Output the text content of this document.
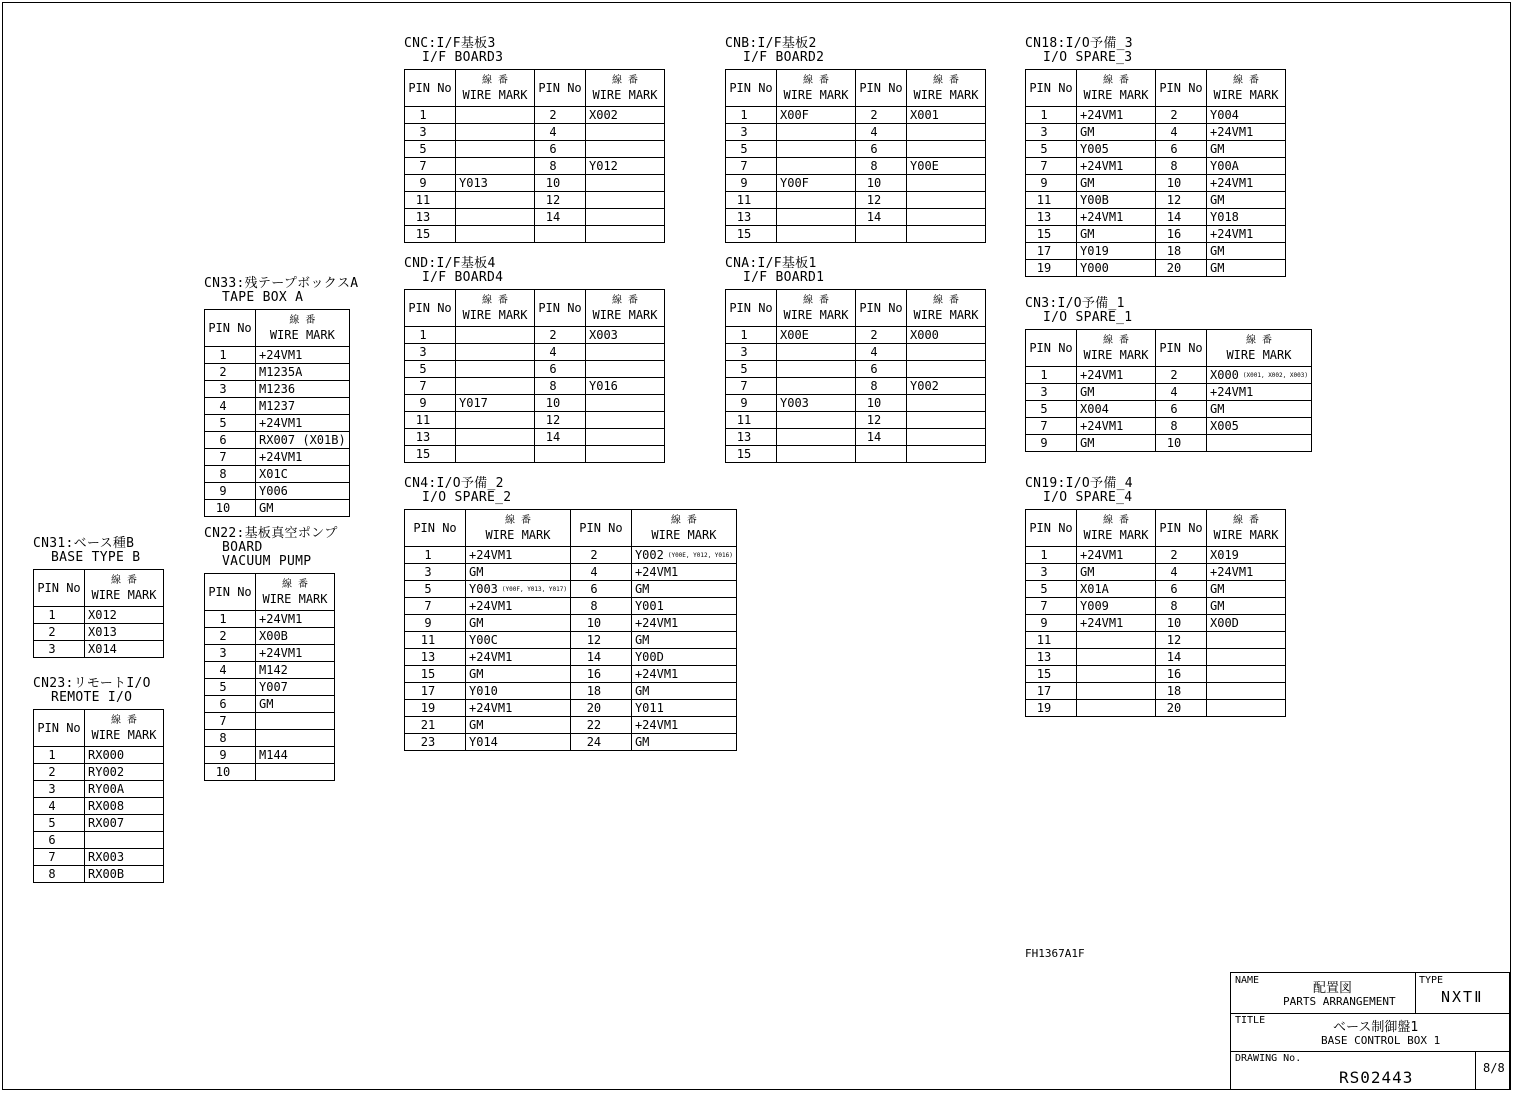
CNC:I/F基板3
I/F BOARD3
PIN No	線 番
WIRE MARK	PIN No	線 番
WIRE MARK
1		2	X002
3		4	
5		6	
7		8	Y012
9	Y013	10	
11		12	
13		14	
15			
CNB:I/F基板2
I/F BOARD2
PIN No	線 番
WIRE MARK	PIN No	線 番
WIRE MARK
1	X00F	2	X001
3		4	
5		6	
7		8	Y00E
9	Y00F	10	
11		12	
13		14	
15			
CN18:I/O予備_3
I/O SPARE_3
PIN No	線 番
WIRE MARK	PIN No	線 番
WIRE MARK
1	+24VM1	2	Y004
3	GM	4	+24VM1
5	Y005	6	GM
7	+24VM1	8	Y00A
9	GM	10	+24VM1
11	Y00B	12	GM
13	+24VM1	14	Y018
15	GM	16	+24VM1
17	Y019	18	GM
19	Y000	20	GM
CND:I/F基板4
I/F BOARD4
PIN No	線 番
WIRE MARK	PIN No	線 番
WIRE MARK
1		2	X003
3		4	
5		6	
7		8	Y016
9	Y017	10	
11		12	
13		14	
15			
CNA:I/F基板1
I/F BOARD1
PIN No	線 番
WIRE MARK	PIN No	線 番
WIRE MARK
1	X00E	2	X000
3		4	
5		6	
7		8	Y002
9	Y003	10	
11		12	
13		14	
15			
CN3:I/O予備_1
I/O SPARE_1
PIN No	線 番
WIRE MARK	PIN No	線 番
WIRE MARK
1	+24VM1	2	X000 $^{(X001, X002, X003)}$
3	GM	4	+24VM1
5	X004	6	GM
7	+24VM1	8	X005
9	GM	10	
CN33:残テープボックスA
TAPE BOX A
PIN No	線 番
WIRE MARK
1	+24VM1
2	M1235A
3	M1236
4	M1237
5	+24VM1
6	RX007 (X01B)
7	+24VM1
8	X01C
9	Y006
10	GM
CN4:I/O予備_2
I/O SPARE_2
PIN No	線 番
WIRE MARK	PIN No	線 番
WIRE MARK
1	+24VM1	2	Y002 $^{(Y00E, Y012, Y016)}$
3	GM	4	+24VM1
5	Y003 $^{(Y00F, Y013, Y017)}$	6	GM
7	+24VM1	8	Y001
9	GM	10	+24VM1
11	Y00C	12	GM
13	+24VM1	14	Y00D
15	GM	16	+24VM1
17	Y010	18	GM
19	+24VM1	20	Y011
21	GM	22	+24VM1
23	Y014	24	GM
CN19:I/O予備_4
I/O SPARE_4
PIN No	線 番
WIRE MARK	PIN No	線 番
WIRE MARK
1	+24VM1	2	X019
3	GM	4	+24VM1
5	X01A	6	GM
7	Y009	8	GM
9	+24VM1	10	X00D
11		12	
13		14	
15		16	
17		18	
19		20	
CN31:ベース種B
BASE TYPE B
PIN No	線 番
WIRE MARK
1	X012
2	X013
3	X014
CN22:基板真空ポンプ
BOARD
VACUUM PUMP
PIN No	線 番
WIRE MARK
1	+24VM1
2	X00B
3	+24VM1
4	M142
5	Y007
6	GM
7	
8	
9	M144
10	
CN23:リモートI/O
REMOTE I/O
PIN No	線 番
WIRE MARK
1	RX000
2	RY002
3	RY00A
4	RX008
5	RX007
6	
7	RX003
8	RX00B
FH1367A1F
NAME
配置図
PARTS ARRANGEMENT
TYPE
NXTⅡ
TITLE	ベース制御盤1
BASE CONTROL BOX 1
DRAWING No.
RS02443	8/8
